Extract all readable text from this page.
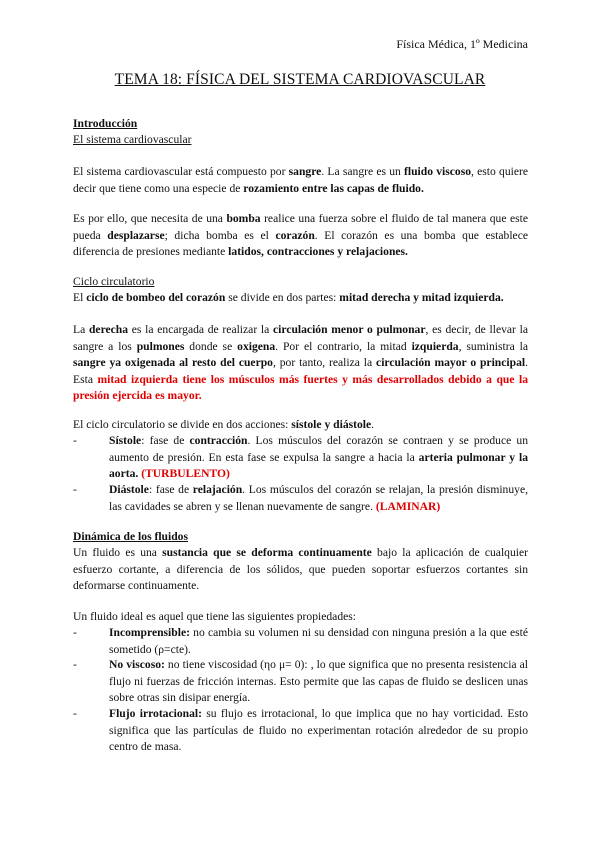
Física Médica, 1º Medicina
TEMA 18: FÍSICA DEL SISTEMA CARDIOVASCULAR
Introducción
El sistema cardiovascular

El sistema cardiovascular está compuesto por sangre. La sangre es un fluido viscoso, esto quiere decir que tiene como una especie de rozamiento entre las capas de fluido.

Es por ello, que necesita de una bomba realice una fuerza sobre el fluido de tal manera que este pueda desplazarse; dicha bomba es el corazón. El corazón es una bomba que establece diferencia de presiones mediante latidos, contracciones y relajaciones.

Ciclo circulatorio

El ciclo de bombeo del corazón se divide en dos partes: mitad derecha y mitad izquierda.

La derecha es la encargada de realizar la circulación menor o pulmonar, es decir, de llevar la sangre a los pulmones donde se oxigena. Por el contrario, la mitad izquierda, suministra la sangre ya oxigenada al resto del cuerpo, por tanto, realiza la circulación mayor o principal. Esta mitad izquierda tiene los músculos más fuertes y más desarrollados debido a que la presión ejercida es mayor.

El ciclo circulatorio se divide en dos acciones: sístole y diástole.

-	Sístole: fase de contracción. Los músculos del corazón se contraen y se produce un aumento de presión. En esta fase se expulsa la sangre a hacia la arteria pulmonar y la aorta. (TURBULENTO)

-	Diástole: fase de relajación. Los músculos del corazón se relajan, la presión disminuye, las cavidades se abren y se llenan nuevamente de sangre. (LAMINAR)

Dinámica de los fluidos

Un fluido es una sustancia que se deforma continuamente bajo la aplicación de cualquier esfuerzo cortante, a diferencia de los sólidos, que pueden soportar esfuerzos cortantes sin deformarse continuamente.

Un fluido ideal es aquel que tiene las siguientes propiedades:

-	Incomprensible: no cambia su volumen ni su densidad con ninguna presión a la que esté sometido (ρ=cte).

-	No viscoso: no tiene viscosidad (ηo μ= 0): , lo que significa que no presenta resistencia al flujo ni fuerzas de fricción internas. Esto permite que las capas de fluido se deslicen unas sobre otras sin disipar energía.

-	Flujo irrotacional: su flujo es irrotacional, lo que implica que no hay vorticidad. Esto significa que las partículas de fluido no experimentan rotación alrededor de su propio centro de masa.
